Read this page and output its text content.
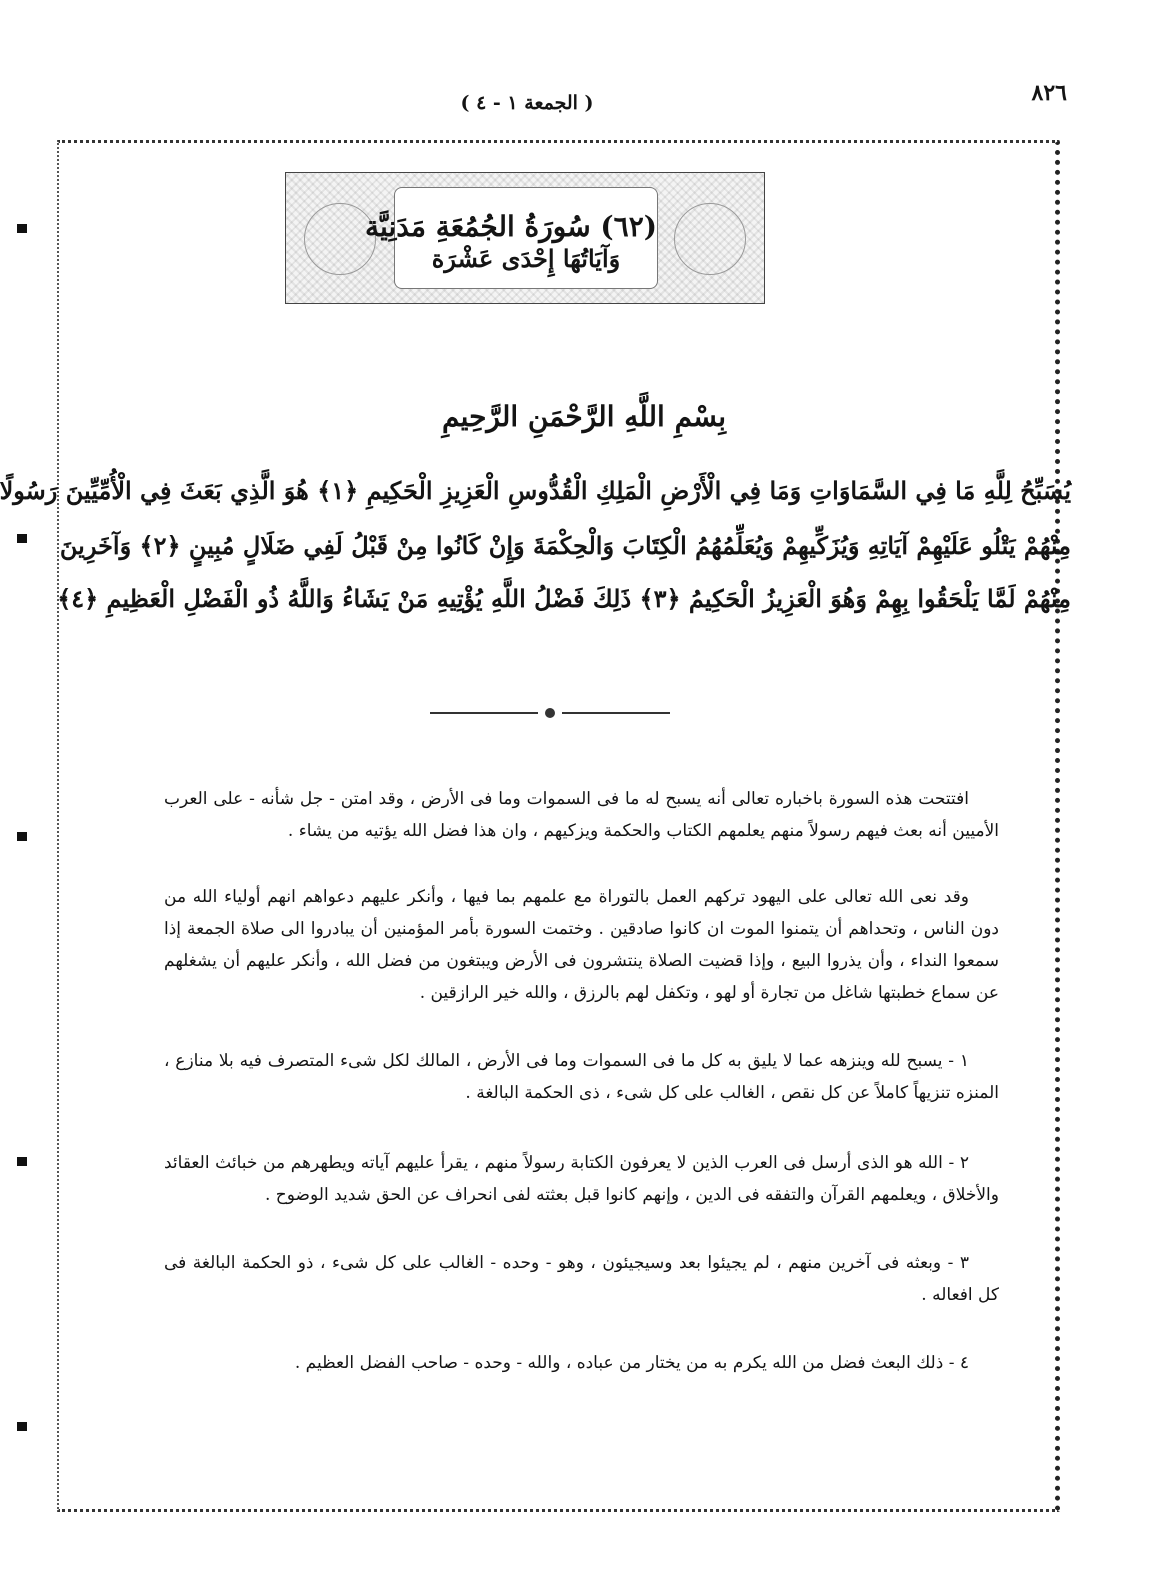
٨٢٦
( الجمعة ١ - ٤ )
(٦٢) سُورَةُ الجُمُعَةِ مَدَنِيَّة
وَآيَاتُهَا إِحْدَى عَشْرَة
بِسْمِ اللَّهِ الرَّحْمَنِ الرَّحِيمِ
يُسَبِّحُ لِلَّهِ مَا فِي السَّمَاوَاتِ وَمَا فِي الْأَرْضِ الْمَلِكِ الْقُدُّوسِ الْعَزِيزِ الْحَكِيمِ ﴿١﴾ هُوَ الَّذِي بَعَثَ فِي الْأُمِّيِّينَ رَسُولًا
مِنْهُمْ يَتْلُو عَلَيْهِمْ آيَاتِهِ وَيُزَكِّيهِمْ وَيُعَلِّمُهُمُ الْكِتَابَ وَالْحِكْمَةَ وَإِنْ كَانُوا مِنْ قَبْلُ لَفِي ضَلَالٍ مُبِينٍ ﴿٢﴾ وَآخَرِينَ
مِنْهُمْ لَمَّا يَلْحَقُوا بِهِمْ وَهُوَ الْعَزِيزُ الْحَكِيمُ ﴿٣﴾ ذَلِكَ فَضْلُ اللَّهِ يُؤْتِيهِ مَنْ يَشَاءُ وَاللَّهُ ذُو الْفَضْلِ الْعَظِيمِ ﴿٤﴾

افتتحت هذه السورة باخباره تعالى أنه يسبح له ما فى السموات وما فى الأرض ، وقد امتن - جل شأنه - على العرب الأميين أنه بعث فيهم رسولاً منهم يعلمهم الكتاب والحكمة ويزكيهم ، وان هذا فضل الله يؤتيه من يشاء .

وقد نعى الله تعالى على اليهود تركهم العمل بالتوراة مع علمهم بما فيها ، وأنكر عليهم دعواهم انهم أولياء الله من دون الناس ، وتحداهم أن يتمنوا الموت ان كانوا صادقين . وختمت السورة بأمر المؤمنين أن يبادروا الى صلاة الجمعة إذا سمعوا النداء ، وأن يذروا البيع ، وإذا قضيت الصلاة ينتشرون فى الأرض ويبتغون من فضل الله ، وأنكر عليهم أن يشغلهم عن سماع خطبتها شاغل من تجارة أو لهو ، وتكفل لهم بالرزق ، والله خير الرازقين .

١ - يسبح لله وينزهه عما لا يليق به كل ما فى السموات وما فى الأرض ، المالك لكل شىء المتصرف فيه بلا منازع ، المنزه تنزيهاً كاملاً عن كل نقص ، الغالب على كل شىء ، ذى الحكمة البالغة .

٢ - الله هو الذى أرسل فى العرب الذين لا يعرفون الكتابة رسولاً منهم ، يقرأ عليهم آياته ويطهرهم من خبائث العقائد والأخلاق ، ويعلمهم القرآن والتفقه فى الدين ، وإنهم كانوا قبل بعثته لفى انحراف عن الحق شديد الوضوح .

٣ - وبعثه فى آخرين منهم ، لم يجيئوا بعد وسيجيئون ، وهو - وحده - الغالب على كل شىء ، ذو الحكمة البالغة فى كل افعاله .

٤ - ذلك البعث فضل من الله يكرم به من يختار من عباده ، والله - وحده - صاحب الفضل العظيم .
